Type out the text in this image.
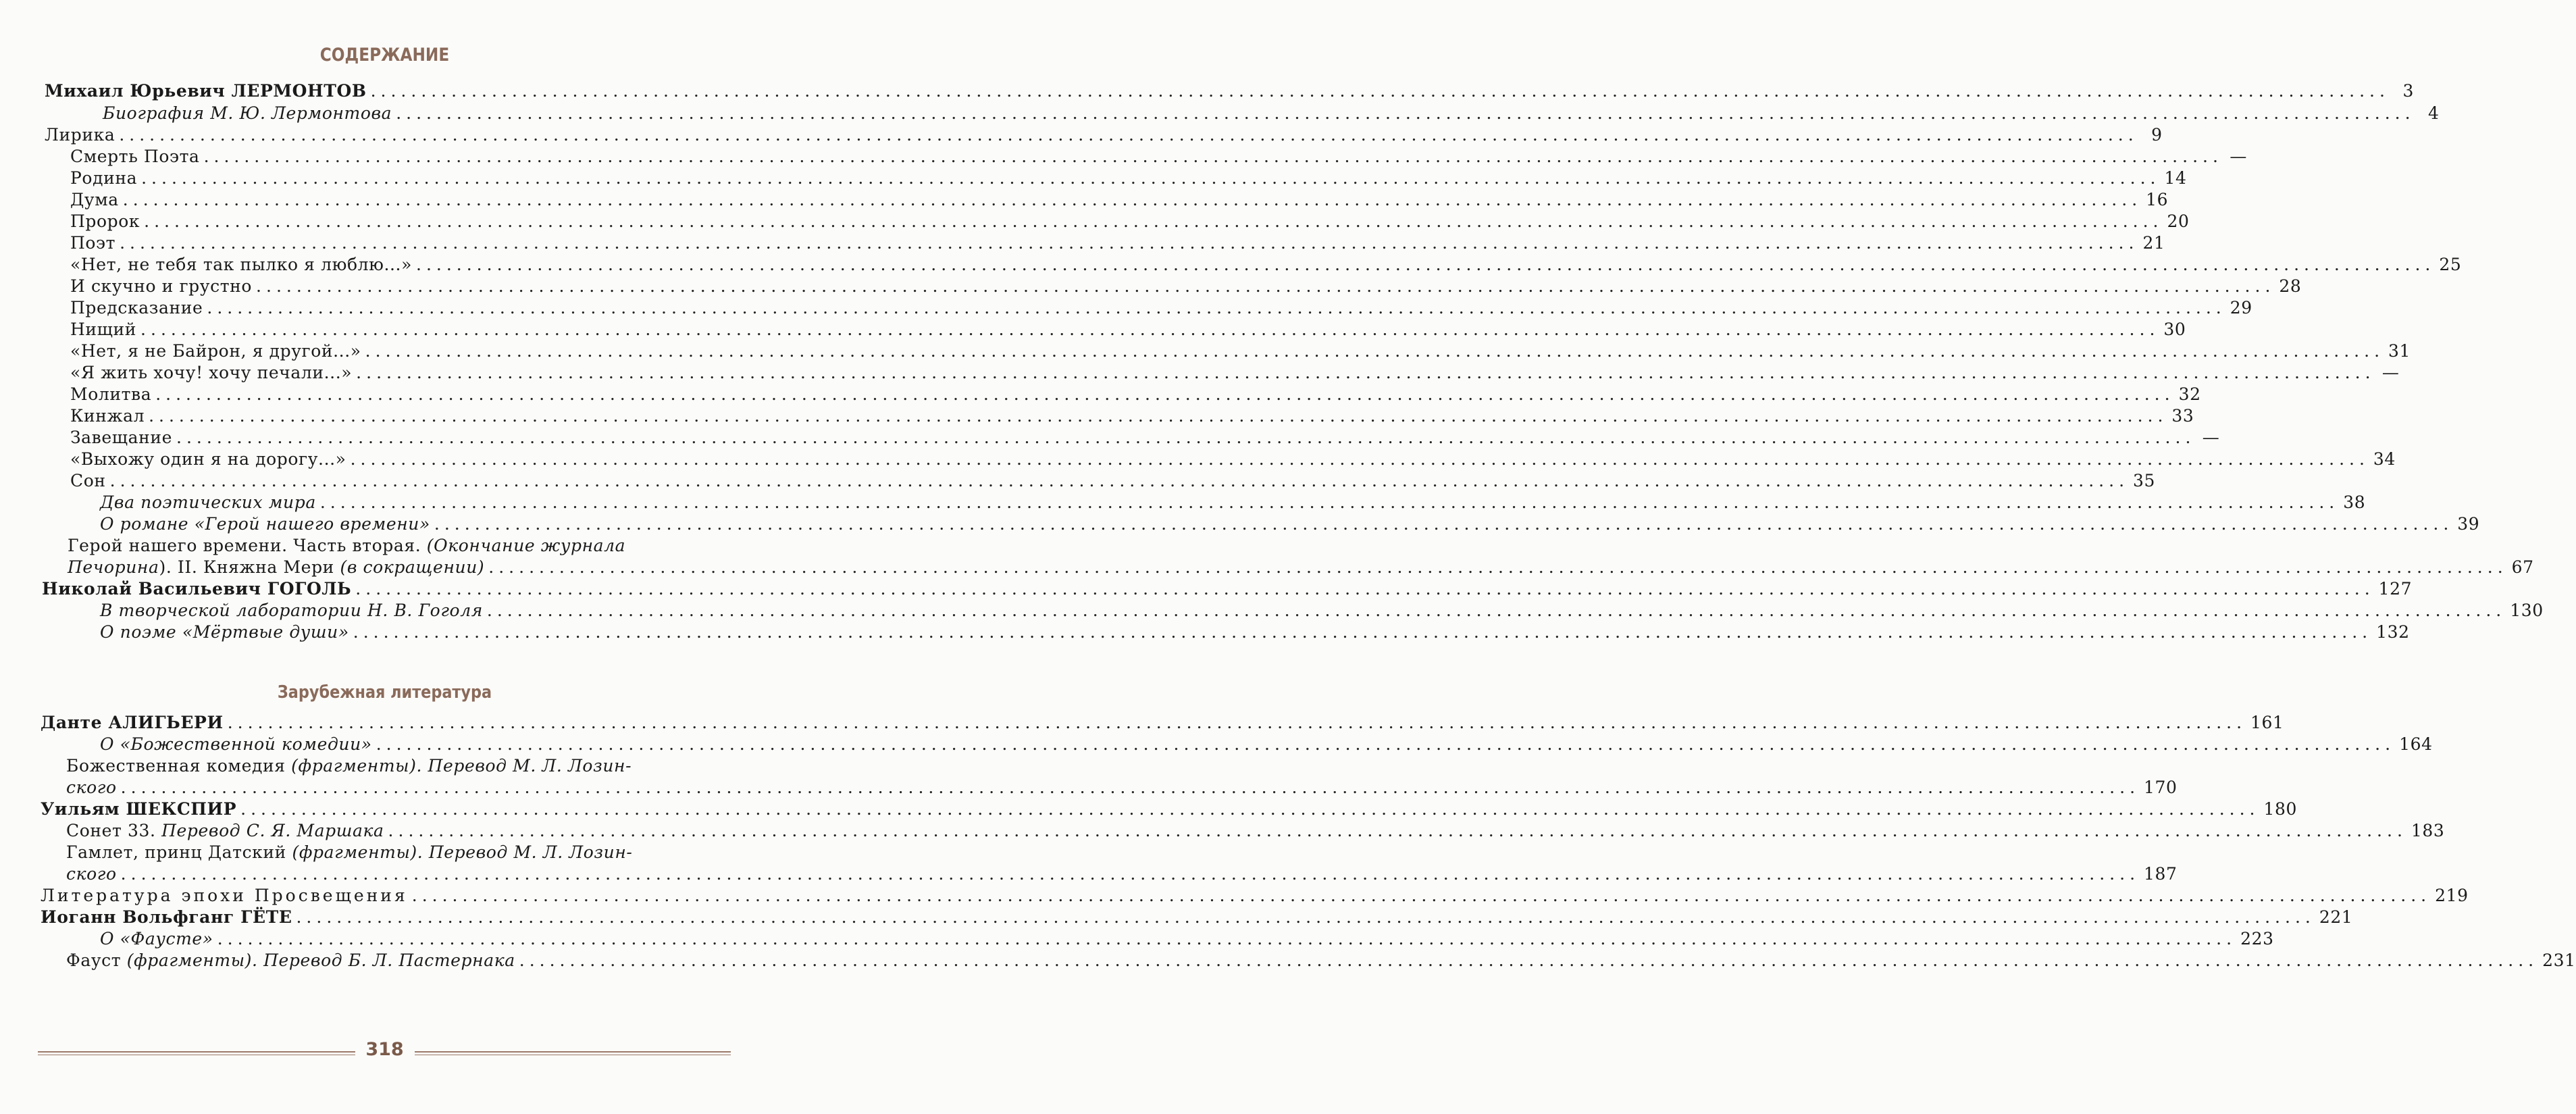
СОДЕРЖАНИЕ
Зарубежная литература
Михаил Юрьевич ЛЕРМОНТОВ ........................................................................................................................................................................................................ 3
Биография М. Ю. Лермонтова ........................................................................................................................................................................................................ 4
Лирика ........................................................................................................................................................................................................ 9
Смерть Поэта ........................................................................................................................................................................................................ —
Родина ........................................................................................................................................................................................................ 14
Дума ........................................................................................................................................................................................................ 16
Пророк ........................................................................................................................................................................................................ 20
Поэт ........................................................................................................................................................................................................ 21
«Нет, не тебя так пылко я люблю...» ........................................................................................................................................................................................................ 25
И скучно и грустно ........................................................................................................................................................................................................ 28
Предсказание ........................................................................................................................................................................................................ 29
Нищий ........................................................................................................................................................................................................ 30
«Нет, я не Байрон, я другой...» ........................................................................................................................................................................................................ 31
«Я жить хочу! хочу печали...» ........................................................................................................................................................................................................ —
Молитва ........................................................................................................................................................................................................ 32
Кинжал ........................................................................................................................................................................................................ 33
Завещание ........................................................................................................................................................................................................ —
«Выхожу один я на дорогу...» ........................................................................................................................................................................................................ 34
Сон ........................................................................................................................................................................................................ 35
Два поэтических мира ........................................................................................................................................................................................................ 38
О романе «Герой нашего времени» ........................................................................................................................................................................................................ 39
Герой нашего времени. Часть вторая. (Окончание журнала
Печорина). II. Княжна Мери (в сокращении) ........................................................................................................................................................................................................ 67
Николай Васильевич ГОГОЛЬ ........................................................................................................................................................................................................ 127
В творческой лаборатории Н. В. Гоголя ........................................................................................................................................................................................................ 130
О поэме «Мёртвые души» ........................................................................................................................................................................................................ 132
Данте АЛИГЬЕРИ ........................................................................................................................................................................................................ 161
О «Божественной комедии» ........................................................................................................................................................................................................ 164
Божественная комедия (фрагменты). Перевод М. Л. Лозин-
ского ........................................................................................................................................................................................................ 170
Уильям ШЕКСПИР ........................................................................................................................................................................................................ 180
Сонет 33. Перевод С. Я. Маршака ........................................................................................................................................................................................................ 183
Гамлет, принц Датский (фрагменты). Перевод М. Л. Лозин-
ского ........................................................................................................................................................................................................ 187
Литература эпохи Просвещения ........................................................................................................................................................................................................ 219
Иоганн Вольфганг ГЁТЕ ........................................................................................................................................................................................................ 221
О «Фаусте» ........................................................................................................................................................................................................ 223
Фауст (фрагменты). Перевод Б. Л. Пастернака ........................................................................................................................................................................................................ 231
318
